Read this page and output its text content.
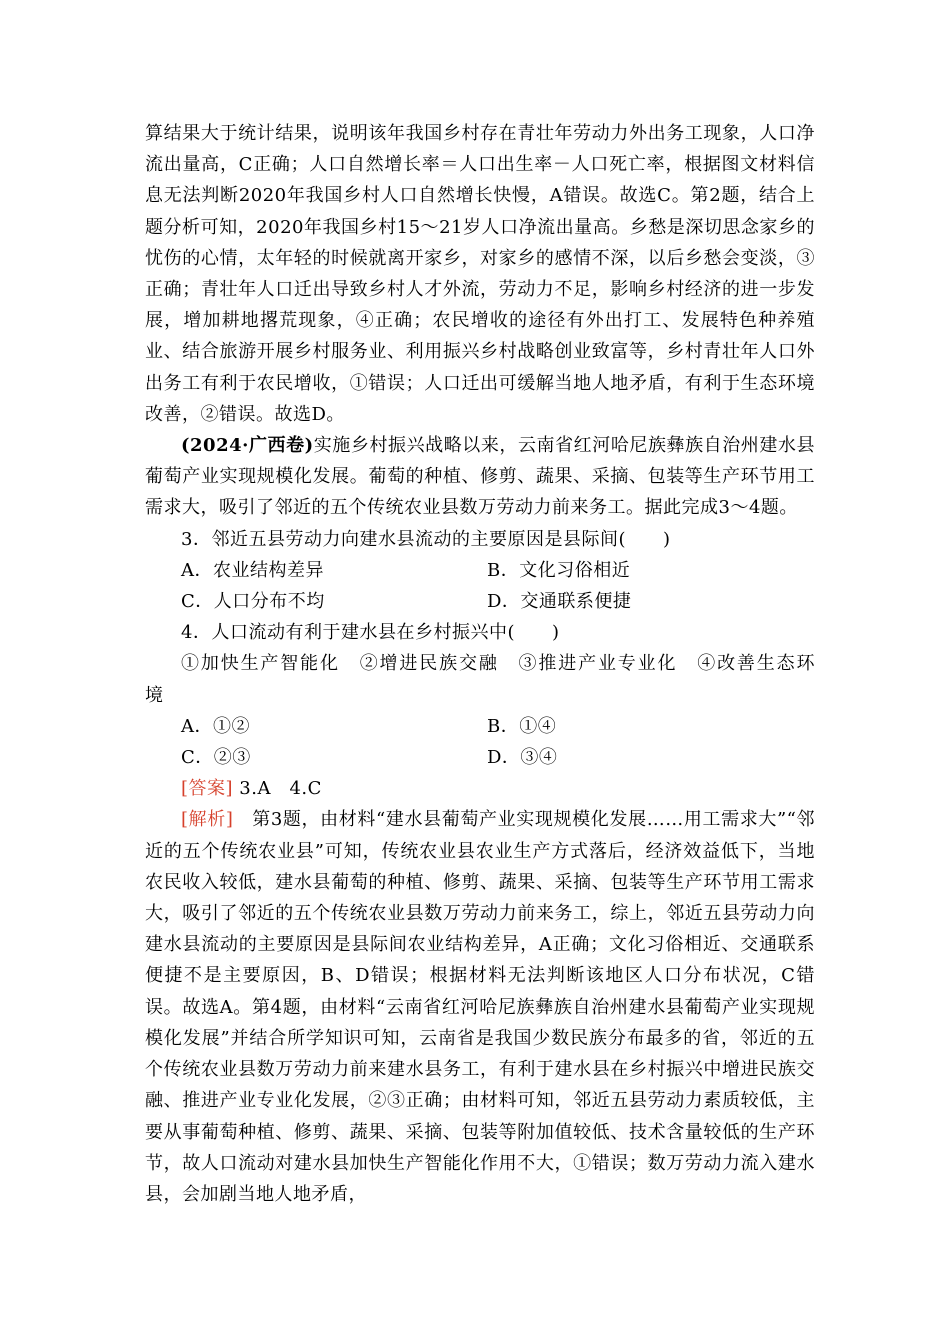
算结果大于统计结果，说明该年我国乡村存在青壮年劳动力外出务工现象，人口净流出量高，C正确；人口自然增长率＝人口出生率－人口死亡率，根据图文材料信息无法判断2020年我国乡村人口自然增长快慢，A错误。故选C。第2题，结合上题分析可知，2020年我国乡村15～21岁人口净流出量高。乡愁是深切思念家乡的忧伤的心情，太年轻的时候就离开家乡，对家乡的感情不深，以后乡愁会变淡，③正确；青壮年人口迁出导致乡村人才外流，劳动力不足，影响乡村经济的进一步发展，增加耕地撂荒现象，④正确；农民增收的途径有外出打工、发展特色种养殖业、结合旅游开展乡村服务业、利用振兴乡村战略创业致富等，乡村青壮年人口外出务工有利于农民增收，①错误；人口迁出可缓解当地人地矛盾，有利于生态环境改善，②错误。故选D。

(2024·广西卷)实施乡村振兴战略以来，云南省红河哈尼族彝族自治州建水县葡萄产业实现规模化发展。葡萄的种植、修剪、蔬果、采摘、包装等生产环节用工需求大，吸引了邻近的五个传统农业县数万劳动力前来务工。据此完成3～4题。

3．邻近五县劳动力向建水县流动的主要原因是县际间(　　)

A．农业结构差异	B．文化习俗相近
C．人口分布不均	D．交通联系便捷

4．人口流动有利于建水县在乡村振兴中(　　)

①加快生产智能化　②增进民族交融　③推进产业专业化　④改善生态环

境

A．①②	B．①④
C．②③	D．③④

[答案] 3.A　4.C

[解析]　 第3题，由材料“建水县葡萄产业实现规模化发展……用工需求大”“邻近的五个传统农业县”可知，传统农业县农业生产方式落后，经济效益低下，当地农民收入较低，建水县葡萄的种植、修剪、蔬果、采摘、包装等生产环节用工需求大，吸引了邻近的五个传统农业县数万劳动力前来务工，综上，邻近五县劳动力向建水县流动的主要原因是县际间农业结构差异，A正确；文化习俗相近、交通联系便捷不是主要原因，B、D错误；根据材料无法判断该地区人口分布状况，C错误。故选A。第4题，由材料“云南省红河哈尼族彝族自治州建水县葡萄产业实现规模化发展”并结合所学知识可知，云南省是我国少数民族分布最多的省，邻近的五个传统农业县数万劳动力前来建水县务工，有利于建水县在乡村振兴中增进民族交融、推进产业专业化发展，②③正确；由材料可知，邻近五县劳动力素质较低，主要从事葡萄种植、修剪、蔬果、采摘、包装等附加值较低、技术含量较低的生产环节，故人口流动对建水县加快生产智能化作用不大，①错误；数万劳动力流入建水县，会加剧当地人地矛盾，
